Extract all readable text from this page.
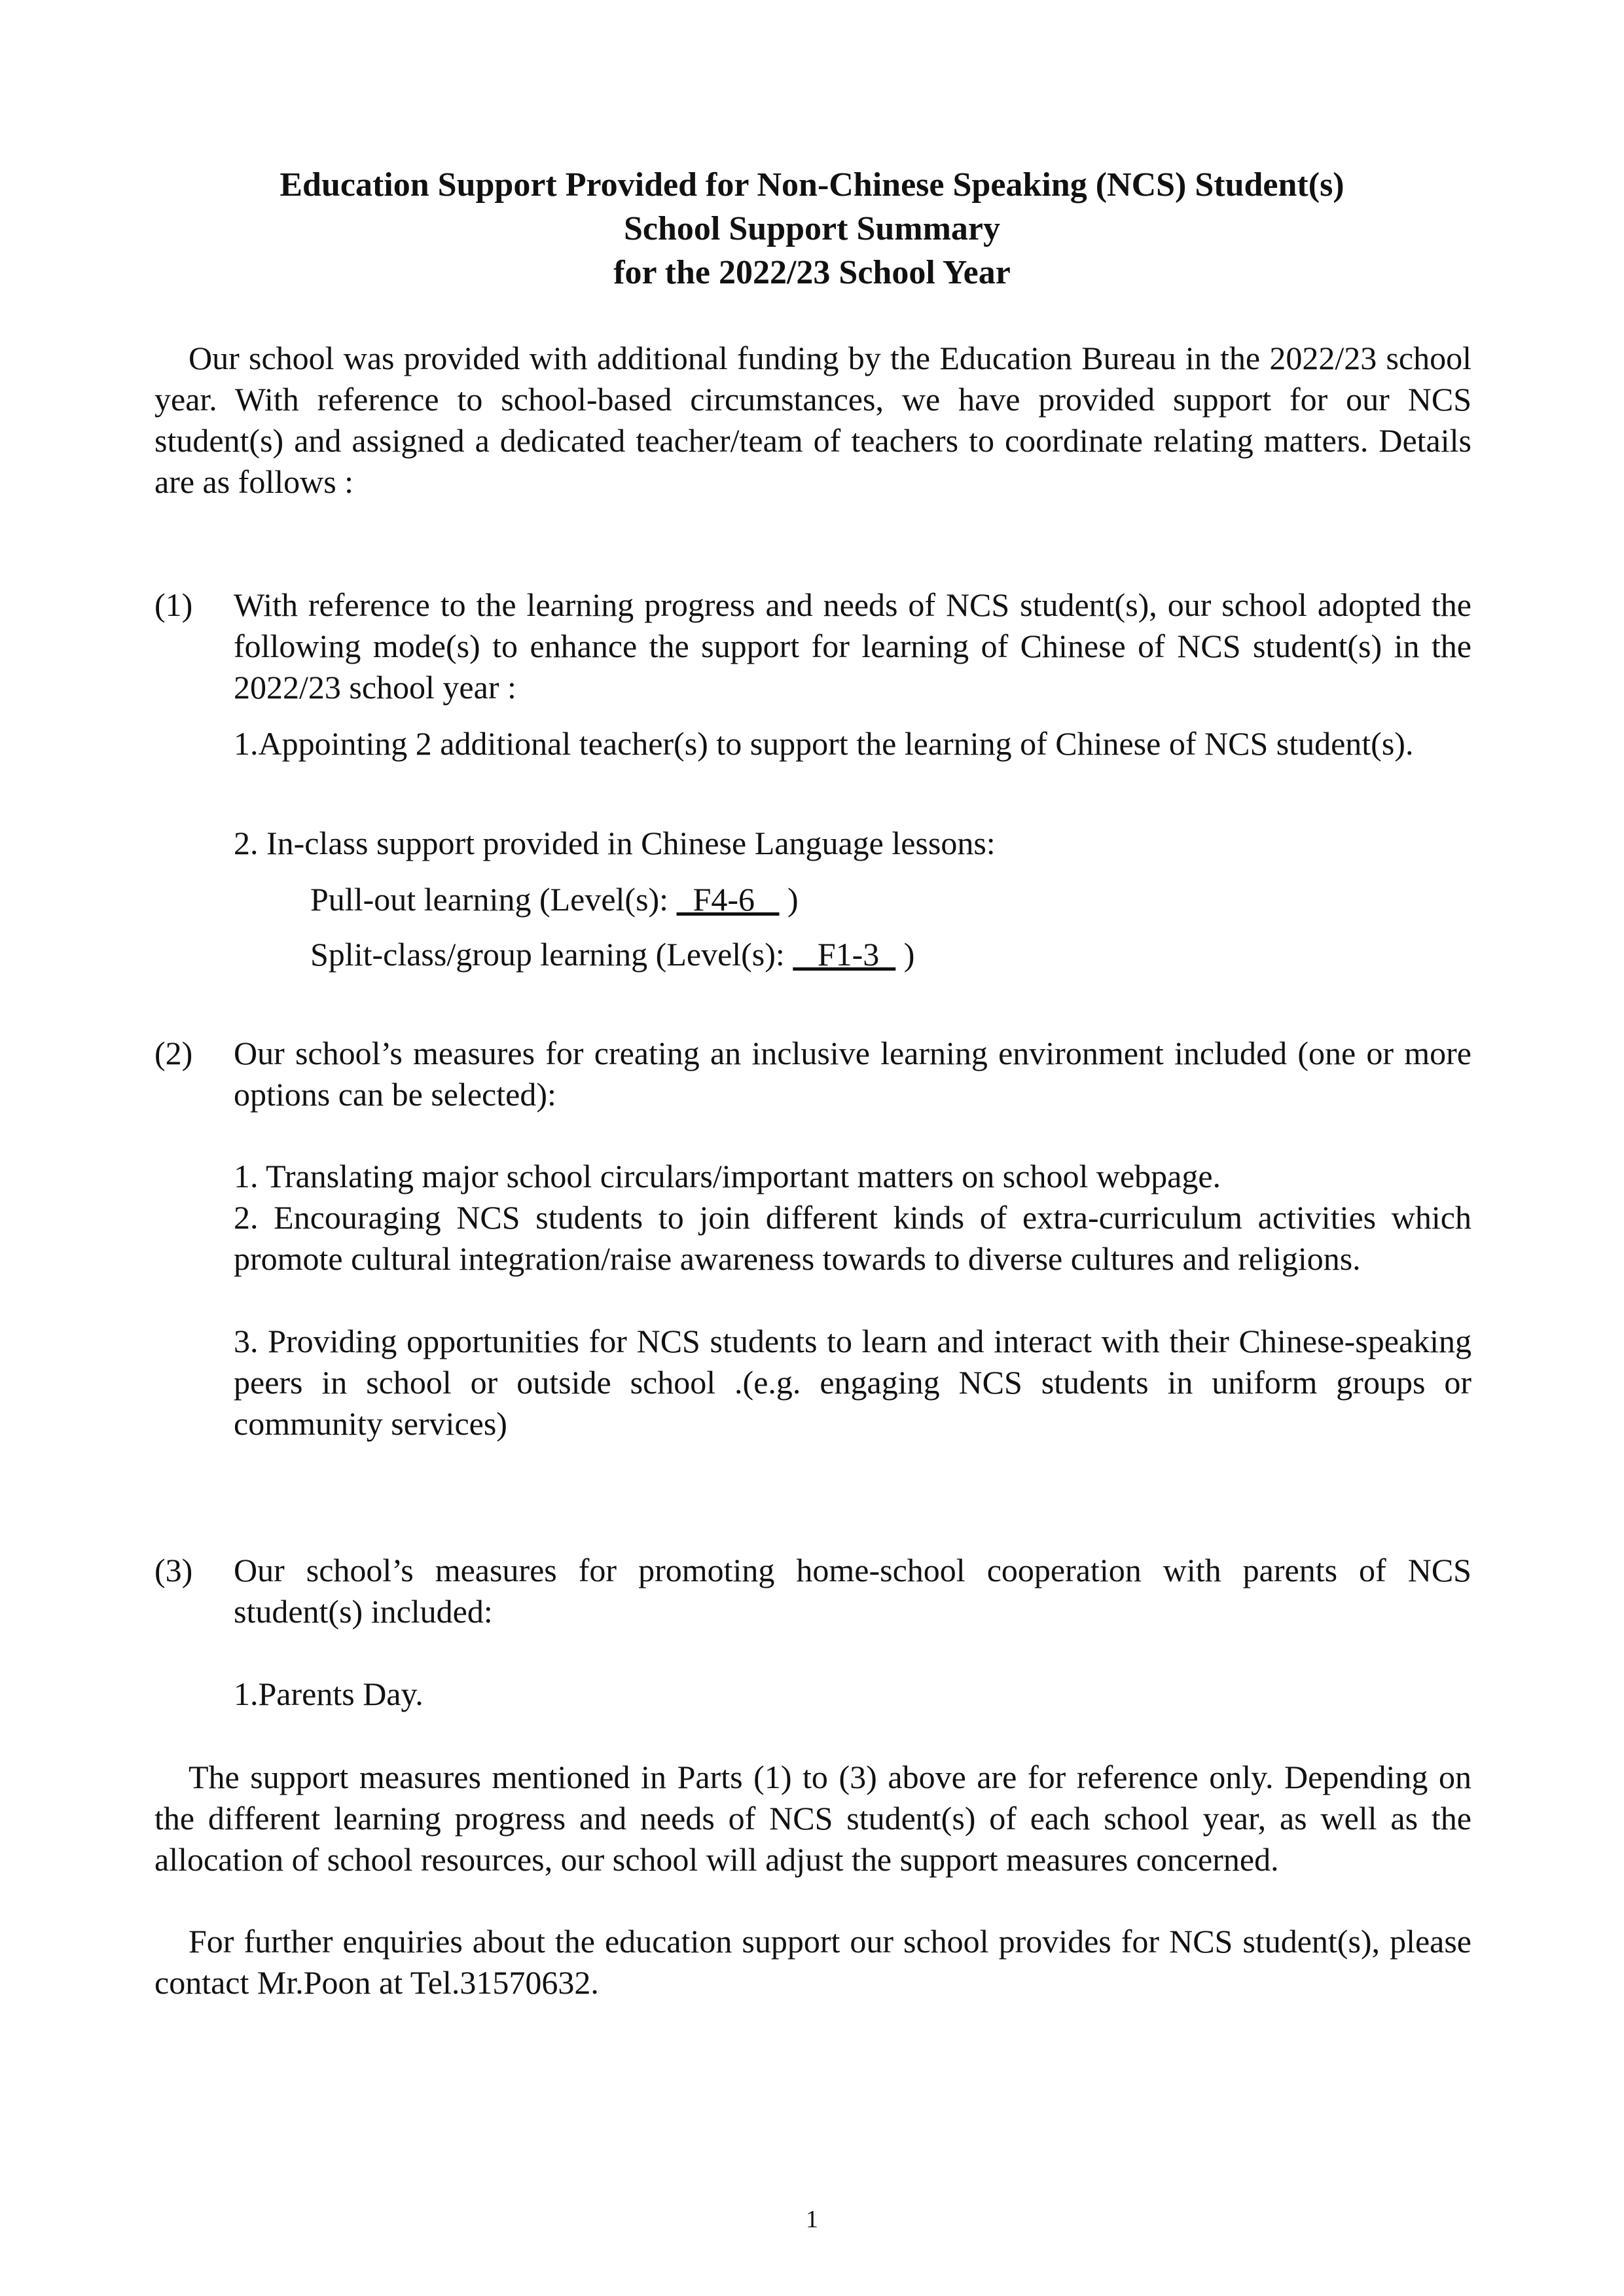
Education Support Provided for Non-Chinese Speaking (NCS) Student(s)
School Support Summary
for the 2022/23 School Year
Our school was provided with additional funding by the Education Bureau in the 2022/23 school year. With reference to school-based circumstances, we have provided support for our NCS student(s) and assigned a dedicated teacher/team of teachers to coordinate relating matters. Details are as follows :
(1) With reference to the learning progress and needs of NCS student(s), our school adopted the following mode(s) to enhance the support for learning of Chinese of NCS student(s) in the 2022/23 school year :
1.Appointing 2 additional teacher(s) to support the learning of Chinese of NCS student(s).
2. In-class support provided in Chinese Language lessons:
Pull-out learning (Level(s):   F4-6    )
Split-class/group learning (Level(s):    F1-3   )
(2) Our school’s measures for creating an inclusive learning environment included (one or more options can be selected):
1. Translating major school circulars/important matters on school webpage.
2. Encouraging NCS students to join different kinds of extra-curriculum activities which promote cultural integration/raise awareness towards to diverse cultures and religions.
3. Providing opportunities for NCS students to learn and interact with their Chinese-speaking peers in school or outside school .(e.g. engaging NCS students in uniform groups or community services)
(3) Our school’s measures for promoting home-school cooperation with parents of NCS student(s) included:
1.Parents Day.
The support measures mentioned in Parts (1) to (3) above are for reference only. Depending on the different learning progress and needs of NCS student(s) of each school year, as well as the allocation of school resources, our school will adjust the support measures concerned.
For further enquiries about the education support our school provides for NCS student(s), please contact Mr.Poon at Tel.31570632.
1
